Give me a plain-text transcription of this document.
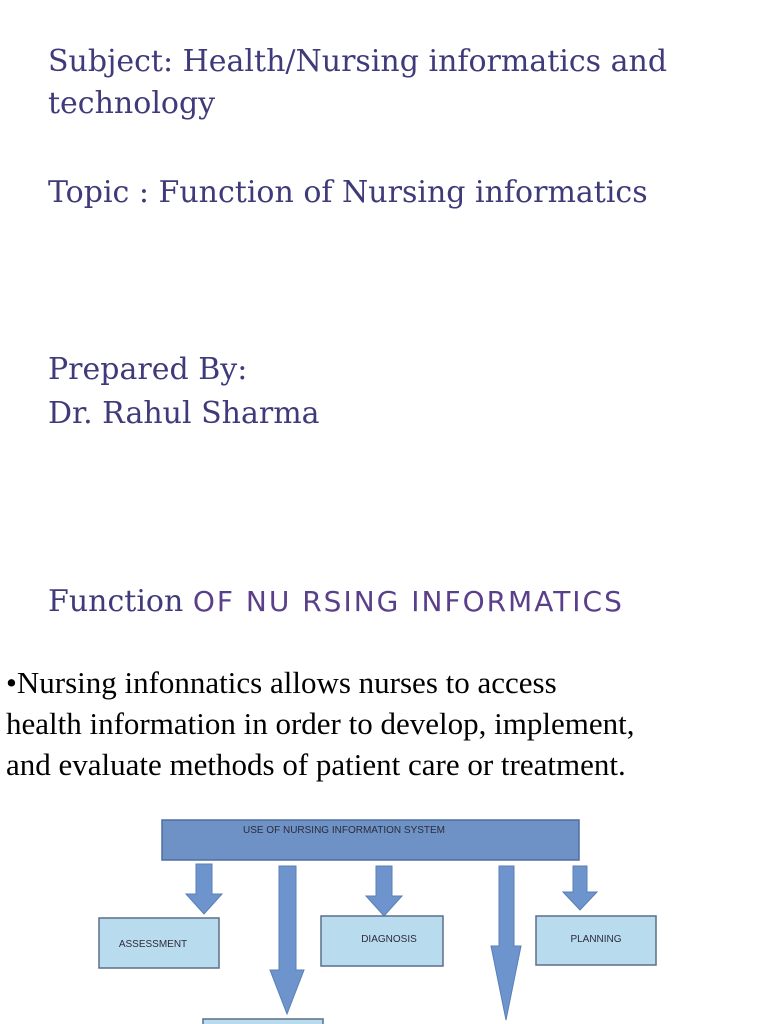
Subject: Health/Nursing informatics and
technology
Topic : Function of Nursing informatics
Prepared By:
Dr. Rahul Sharma
Function OF NU RSING INFORMATICS
•Nursing infonnatics allows nurses to access
health information in order to develop, implement,
and evaluate methods of patient care or treatment.
USE OF NURSING INFORMATION SYSTEM
ASSESSMENT	DIAGNOSIS	PLANNING
